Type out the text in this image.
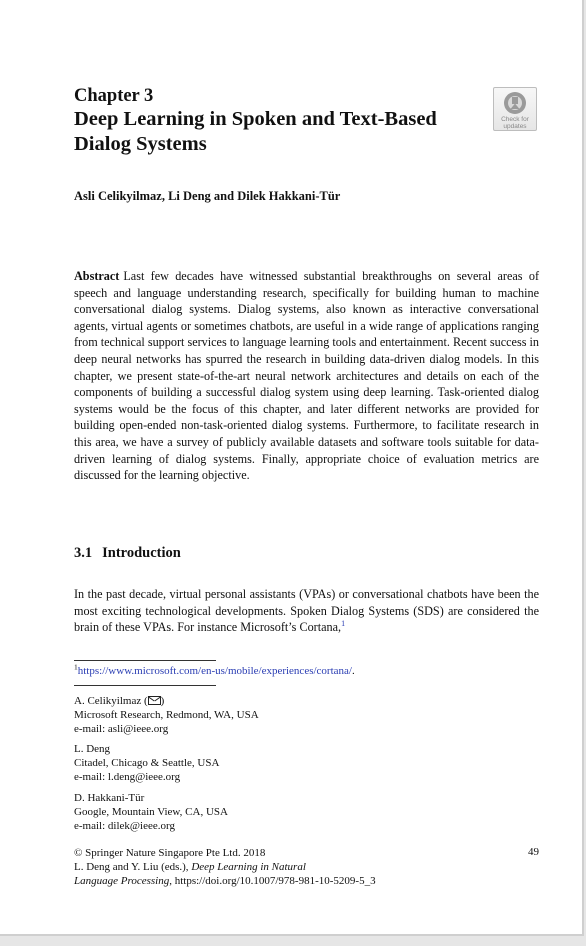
Chapter 3
Deep Learning in Spoken and Text-Based Dialog Systems
Check for
updates
Asli Celikyilmaz, Li Deng and Dilek Hakkani-Tür
Abstract Last few decades have witnessed substantial breakthroughs on several areas of speech and language understanding research, specifically for building human to machine conversational dialog systems. Dialog systems, also known as interactive conversational agents, virtual agents or sometimes chatbots, are useful in a wide range of applications ranging from technical support services to language learning tools and entertainment. Recent success in deep neural networks has spurred the research in building data-driven dialog models. In this chapter, we present state-of-the-art neural network architectures and details on each of the components of building a successful dialog system using deep learning. Task-oriented dialog systems would be the focus of this chapter, and later different networks are provided for building open-ended non-task-oriented dialog systems. Furthermore, to facilitate research in this area, we have a survey of publicly available datasets and software tools suitable for data-driven learning of dialog systems. Finally, appropriate choice of evaluation metrics are discussed for the learning objective.
3.1 Introduction
In the past decade, virtual personal assistants (VPAs) or conversational chatbots have been the most exciting technological developments. Spoken Dialog Systems (SDS) are considered the brain of these VPAs. For instance Microsoft’s Cortana,$^1$
$^1$https://www.microsoft.com/en-us/mobile/experiences/cortana/.
A. Celikyilmaz ( )
Microsoft Research, Redmond, WA, USA
e-mail: asli@ieee.org
L. Deng
Citadel, Chicago & Seattle, USA
e-mail: l.deng@ieee.org
D. Hakkani-Tür
Google, Mountain View, CA, USA
e-mail: dilek@ieee.org
© Springer Nature Singapore Pte Ltd. 2018
L. Deng and Y. Liu (eds.), Deep Learning in Natural
Language Processing, https://doi.org/10.1007/978-981-10-5209-5_3
49
